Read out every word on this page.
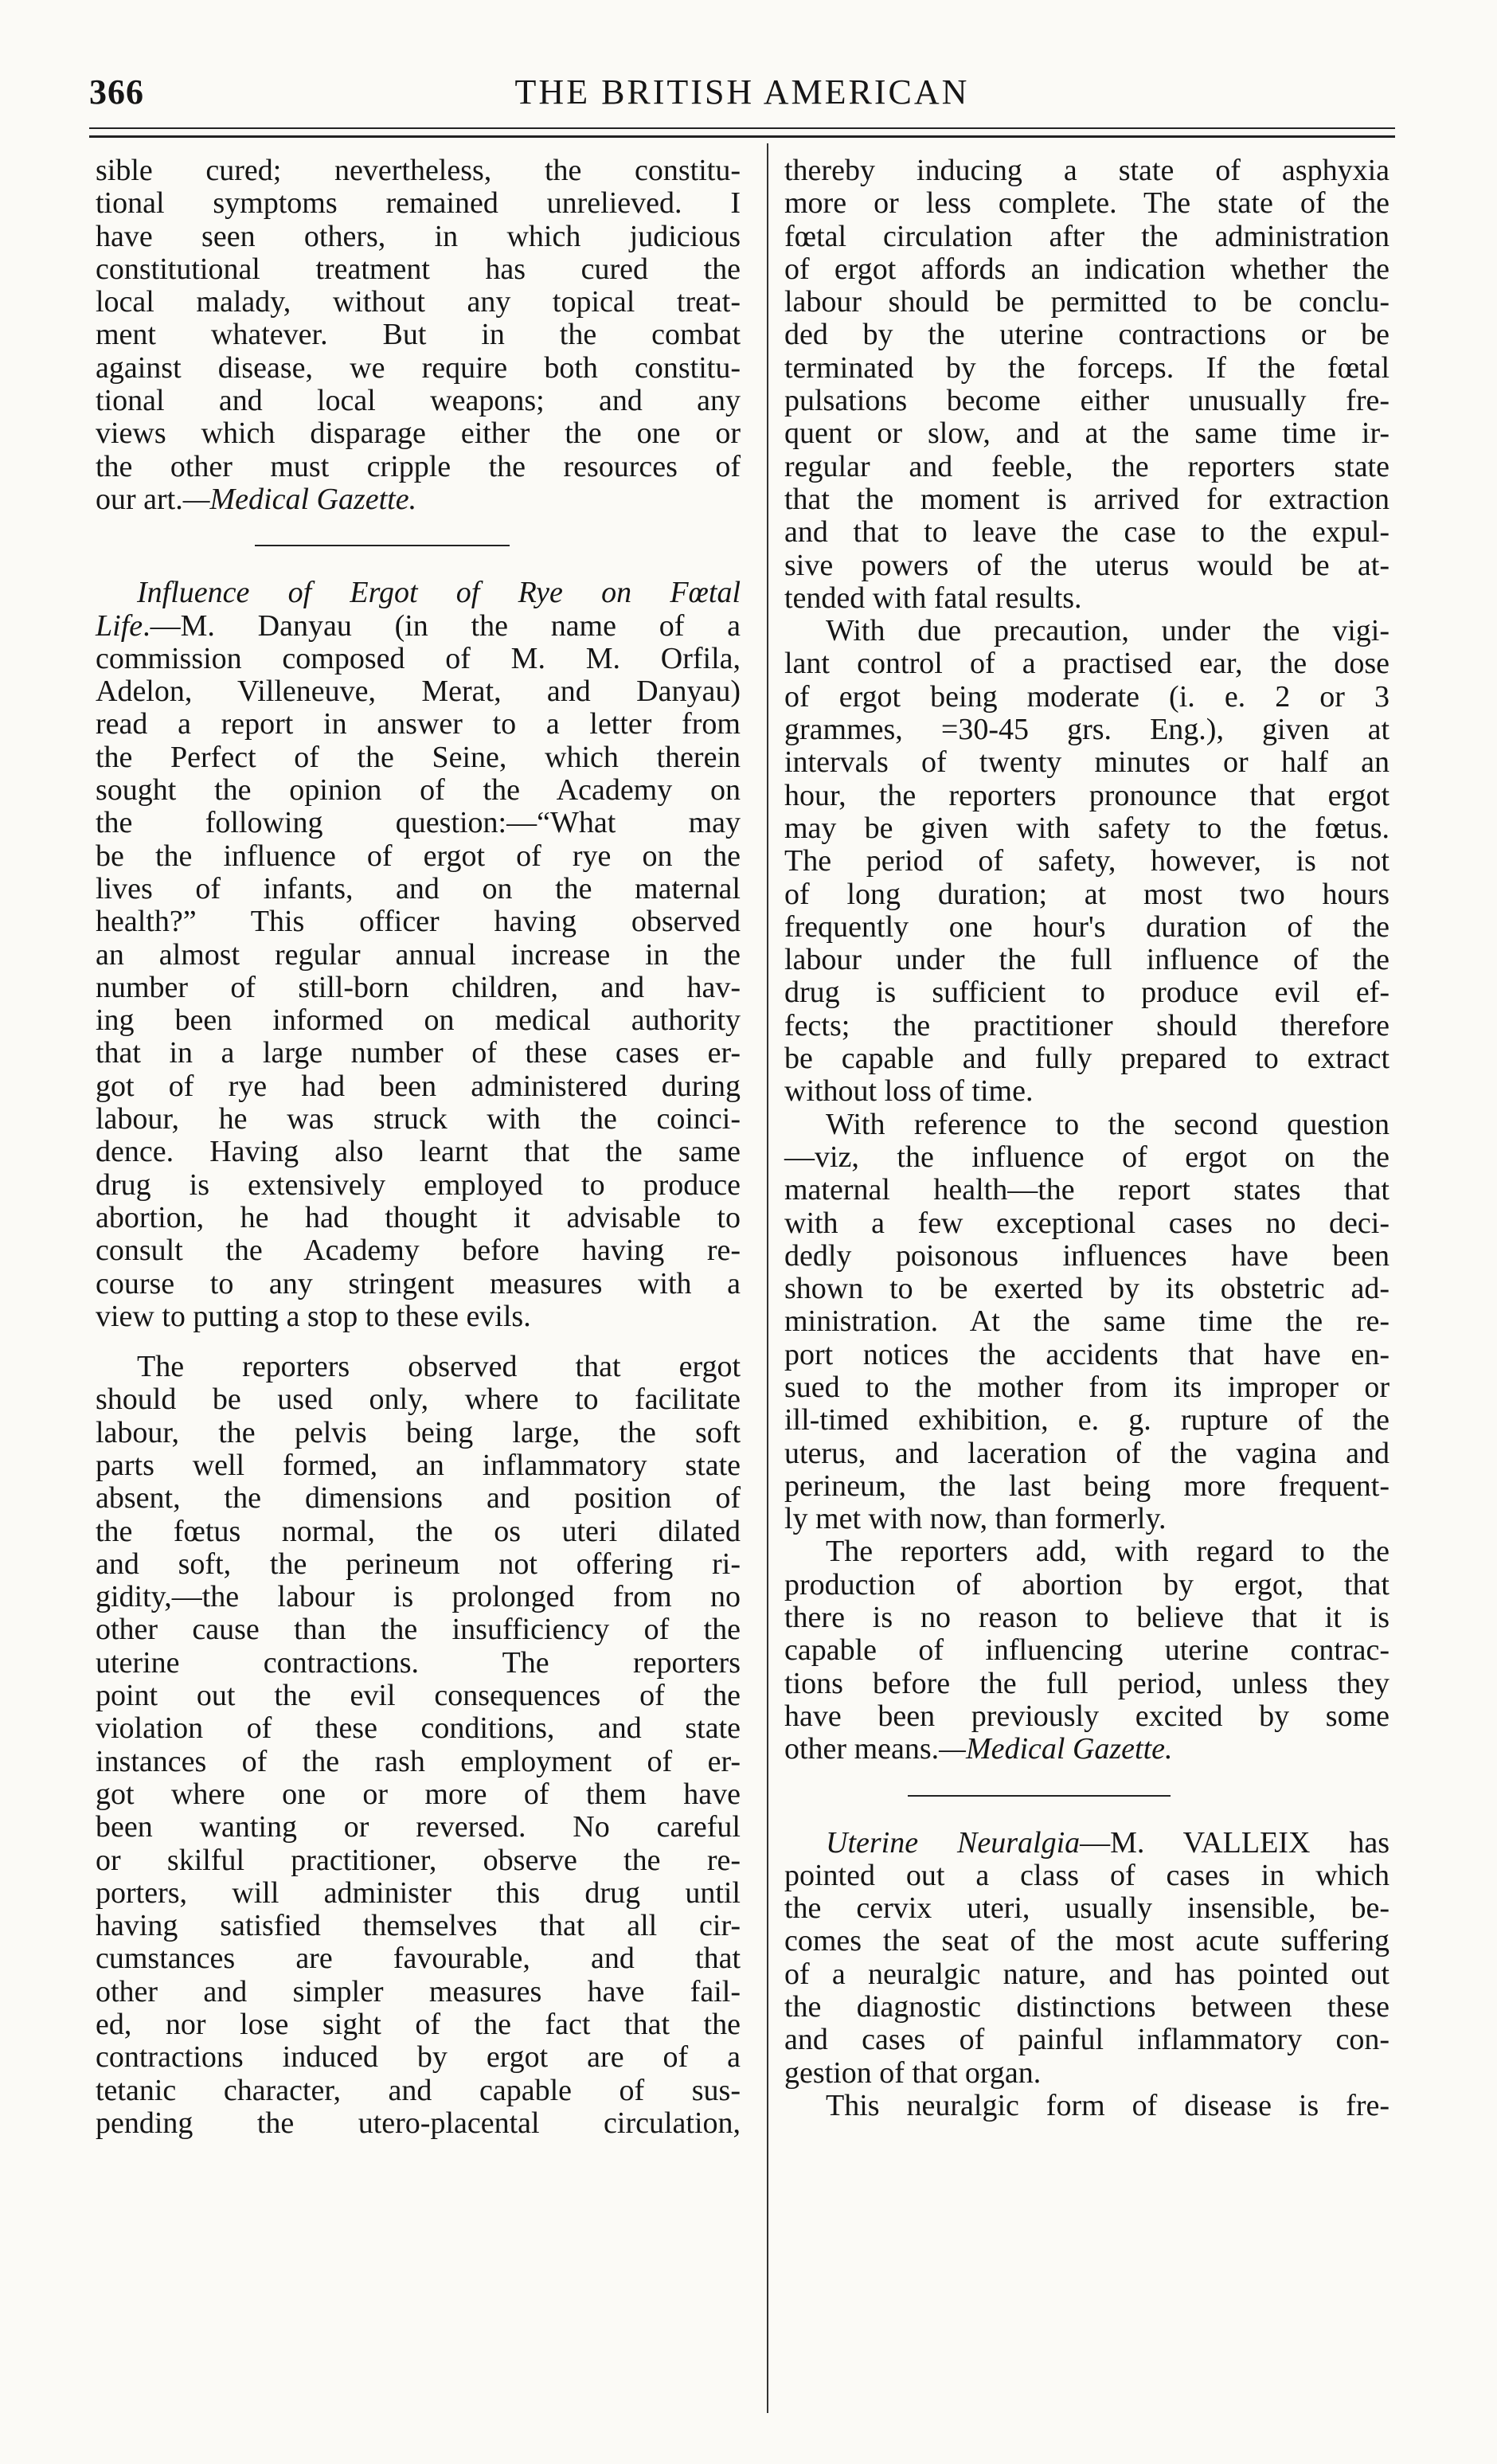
366	THE BRITISH AMERICAN
sible cured; nevertheless, the constitu-
tional symptoms remained unrelieved. I
have seen others, in which judicious
constitutional treatment has cured the
local malady, without any topical treat-
ment whatever. But in the combat
against disease, we require both constitu-
tional and local weapons; and any
views which disparage either the one or
the other must cripple the resources of
our art.—Medical Gazette.
Influence of Ergot of Rye on Fœtal
Life.—M. Danyau (in the name of a
commission composed of M. M. Orfila,
Adelon, Villeneuve, Merat, and Danyau)
read a report in answer to a letter from
the Perfect of the Seine, which therein
sought the opinion of the Academy on
the following question:—“What may
be the influence of ergot of rye on the
lives of infants, and on the maternal
health?” This officer having observed
an almost regular annual increase in the
number of still-born children, and hav-
ing been informed on medical authority
that in a large number of these cases er-
got of rye had been administered during
labour, he was struck with the coinci-
dence. Having also learnt that the same
drug is extensively employed to produce
abortion, he had thought it advisable to
consult the Academy before having re-
course to any stringent measures with a
view to putting a stop to these evils.
The reporters observed that ergot
should be used only, where to facilitate
labour, the pelvis being large, the soft
parts well formed, an inflammatory state
absent, the dimensions and position of
the fœtus normal, the os uteri dilated
and soft, the perineum not offering ri-
gidity,—the labour is prolonged from no
other cause than the insufficiency of the
uterine contractions. The reporters
point out the evil consequences of the
violation of these conditions, and state
instances of the rash employment of er-
got where one or more of them have
been wanting or reversed. No careful
or skilful practitioner, observe the re-
porters, will administer this drug until
having satisfied themselves that all cir-
cumstances are favourable, and that
other and simpler measures have fail-
ed, nor lose sight of the fact that the
contractions induced by ergot are of a
tetanic character, and capable of sus-
pending the utero-placental circulation,
thereby inducing a state of asphyxia
more or less complete. The state of the
fœtal circulation after the administration
of ergot affords an indication whether the
labour should be permitted to be conclu-
ded by the uterine contractions or be
terminated by the forceps. If the fœtal
pulsations become either unusually fre-
quent or slow, and at the same time ir-
regular and feeble, the reporters state
that the moment is arrived for extraction
and that to leave the case to the expul-
sive powers of the uterus would be at-
tended with fatal results.
With due precaution, under the vigi-
lant control of a practised ear, the dose
of ergot being moderate (i. e. 2 or 3
grammes, =30-45 grs. Eng.), given at
intervals of twenty minutes or half an
hour, the reporters pronounce that ergot
may be given with safety to the fœtus.
The period of safety, however, is not
of long duration; at most two hours
frequently one hour's duration of the
labour under the full influence of the
drug is sufficient to produce evil ef-
fects; the practitioner should therefore
be capable and fully prepared to extract
without loss of time.
With reference to the second question
—viz, the influence of ergot on the
maternal health—the report states that
with a few exceptional cases no deci-
dedly poisonous influences have been
shown to be exerted by its obstetric ad-
ministration. At the same time the re-
port notices the accidents that have en-
sued to the mother from its improper or
ill-timed exhibition, e. g. rupture of the
uterus, and laceration of the vagina and
perineum, the last being more frequent-
ly met with now, than formerly.
The reporters add, with regard to the
production of abortion by ergot, that
there is no reason to believe that it is
capable of influencing uterine contrac-
tions before the full period, unless they
have been previously excited by some
other means.—Medical Gazette.
Uterine Neuralgia—M. VALLEIX has
pointed out a class of cases in which
the cervix uteri, usually insensible, be-
comes the seat of the most acute suffering
of a neuralgic nature, and has pointed out
the diagnostic distinctions between these
and cases of painful inflammatory con-
gestion of that organ.
This neuralgic form of disease is fre-
